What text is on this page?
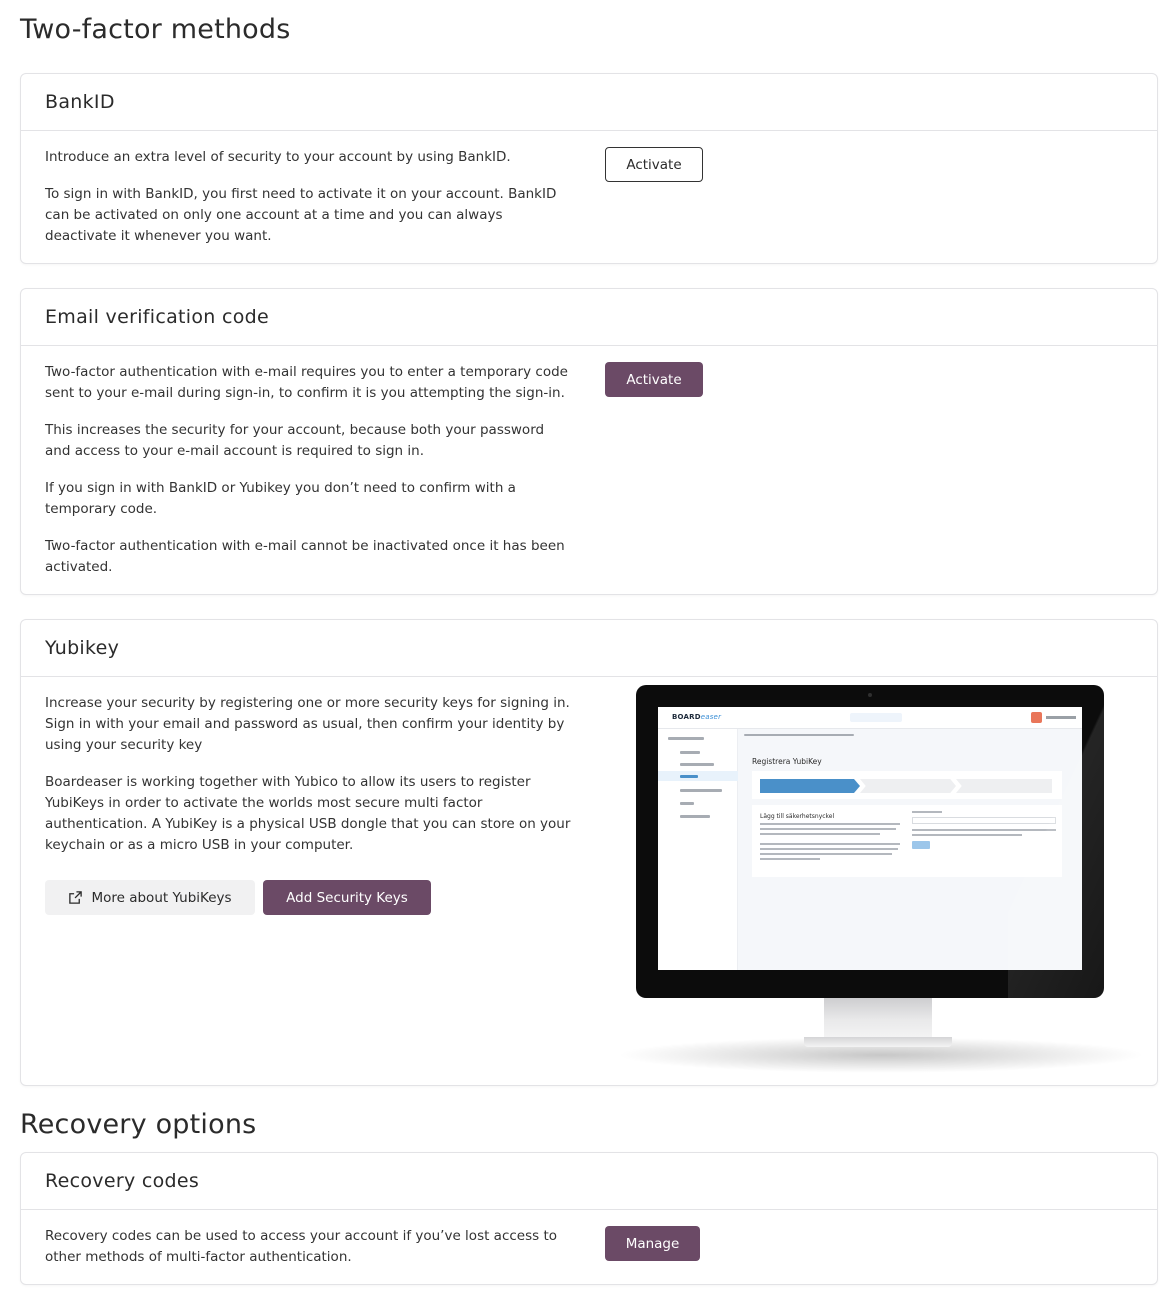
Two-factor methods
BankID

Introduce an extra level of security to your account by using BankID.

To sign in with BankID, you first need to activate it on your account. BankID can be activated on only one account at a time and you can always deactivate it whenever you want.

Activate
Email verification code

Two-factor authentication with e-mail requires you to enter a temporary code sent to your e-mail during sign-in, to confirm it is you attempting the sign-in.

This increases the security for your account, because both your password and access to your e-mail account is required to sign in.

If you sign in with BankID or Yubikey you don’t need to confirm with a temporary code.

Two-factor authentication with e-mail cannot be inactivated once it has been activated.

Activate
Yubikey

Increase your security by registering one or more security keys for signing in. Sign in with your email and password as usual, then confirm your identity by using your security key

Boardeaser is working together with Yubico to allow its users to register YubiKeys in order to activate the worlds most secure multi factor authentication. A YubiKey is a physical USB dongle that you can store on your keychain or as a micro USB in your computer.

More about YubiKeys	Add Security Keys
BOARDeaser
Registrera YubiKey
Lägg till säkerhetsnyckel
Recovery options
Recovery codes

Recovery codes can be used to access your account if you’ve lost access to other methods of multi-factor authentication.

Manage
